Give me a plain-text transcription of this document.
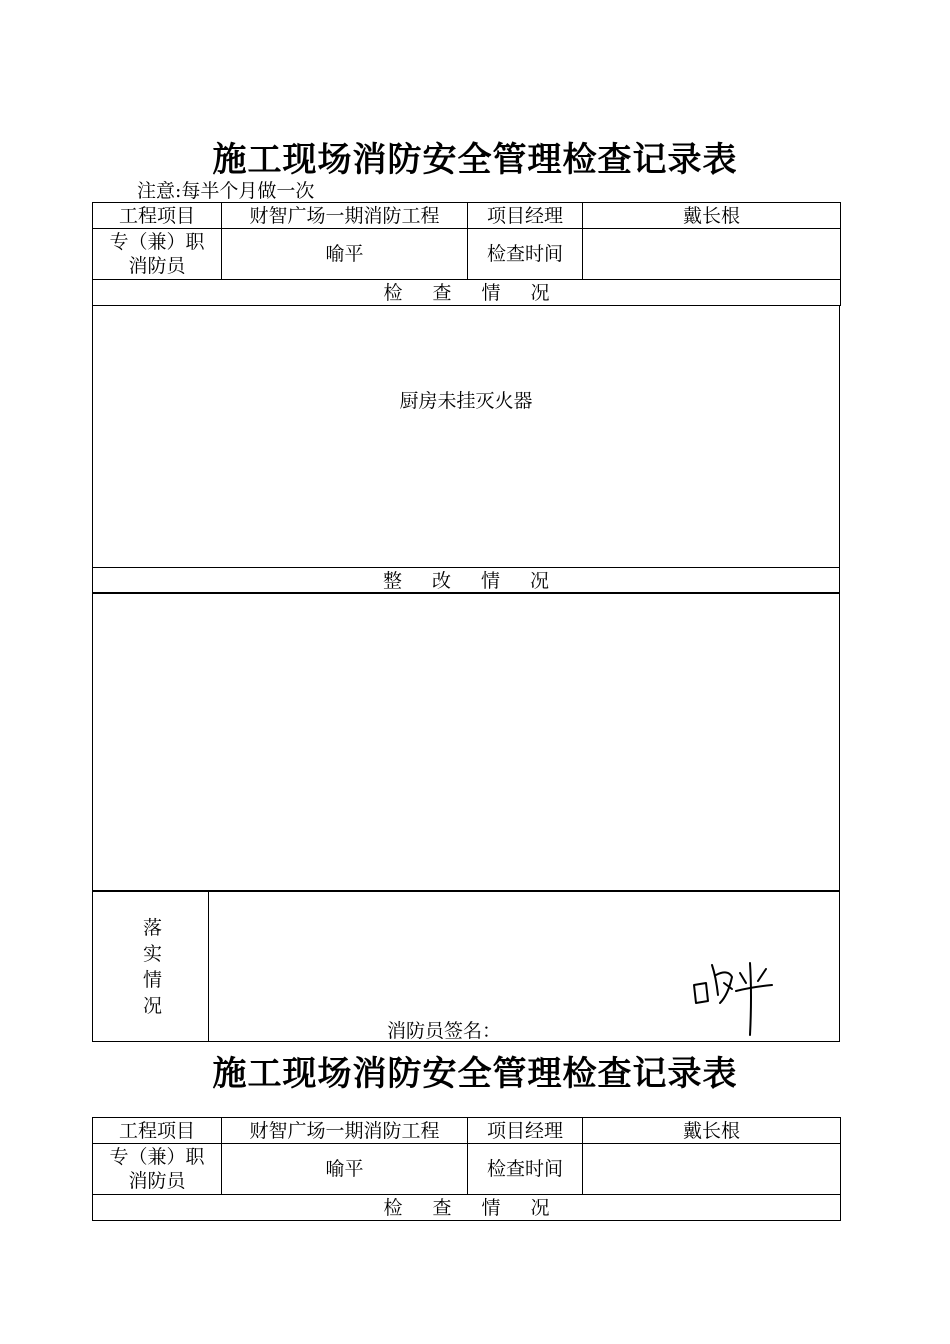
施工现场消防安全管理检查记录表
注意:每半个月做一次
工程项目	财智广场一期消防工程	项目经理	戴长根
专（兼）职消防员	喻平	检查时间	
检查情况			
厨房未挂灭火器
整改情况
落实情况
消防员签名：
施工现场消防安全管理检查记录表
工程项目	财智广场一期消防工程	项目经理	戴长根
专（兼）职消防员	喻平	检查时间	
检查情况			
